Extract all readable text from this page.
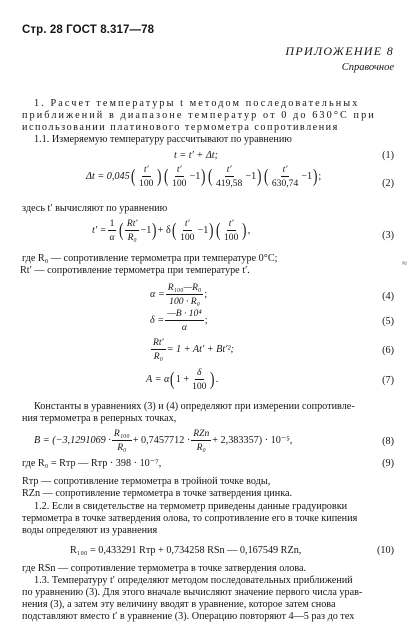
Стр. 28 ГОСТ 8.317—78
ПРИЛОЖЕНИЕ 8
Справочное
1. Расчет температуры t методом последовательных
приближений в диапазоне температур от 0 до 630°С при
использовании платинового термометра сопротивления
1.1. Измеряемую температуру рассчитывают по уравнению
t = t′ + Δt;	(1)
Δt = 0,045 ( $\frac{t'}{100}$ ) ( $\frac{t'}{100} -1$ ) ( $\frac{t'}{419,58} -1$ ) ( $\frac{t'}{630,74} -1$ ) ;
(2)
здесь t′ вычисляют по уравнению
$t' = \frac{1}{\alpha}$ ( $\frac{Rt'}{\text{R₀}} -1$ ) + δ ( $\frac{t'}{100} -1$ ) ( $\frac{t'}{100}$ ) ,	(3)
где R₀ — сопротивление термометра при температуре 0°С;
Rt′ — сопротивление термометра при температуре t′.
≈
$\alpha = \frac{\text{R₁₀₀—R₀}}{\text{100 · R₀}}$ ;	(4)
$\delta = \frac{\text{—B · 10⁴}}{\alpha}$ ;	(5)
$\frac{Rt'}{\text{R₀}} = 1 + At' + Bt'^2$;	(6)
A = α ( $1 + \frac{\delta}{100}$ ) .	(7)
Константы в уравнениях (3) и (4) определяют при измерении сопротивле-
ния термометра в реперных точках,
$B = (-3,1291069 \cdot \frac{\text{R₁₀₀}}{\text{R₀}} + 0,7457712 \cdot \frac{\text{RZn}}{\text{R₀}} + 2,383357) \cdot 10^{-5}$,	(8)
где R₀ = Rтр — Rтр · 398 · 10⁻⁷,	(9)
Rтр — сопротивление термометра в тройной точке воды,
RZn — сопротивление термометра в точке затвердения цинка.
1.2. Если в свидетельстве на термометр приведены данные градуировки
термометра в точке затвердения олова, то сопротивление его в точке кипения
воды определяют из уравнения
R₁₀₀ = 0,433291 Rтр + 0,734258 RSn — 0,167549 RZn,	(10)
где RSn — сопротивление термометра в точке затвердения олова.
1.3. Температуру t′ определяют методом последовательных приближений
по уравнению (3). Для этого вначале вычисляют значение первого числа урав-
нения (3), а затем эту величину вводят в уравнение, которое затем снова
подставляют вместо t′ в уравнение (3). Операцию повторяют 4—5 раз до тех
